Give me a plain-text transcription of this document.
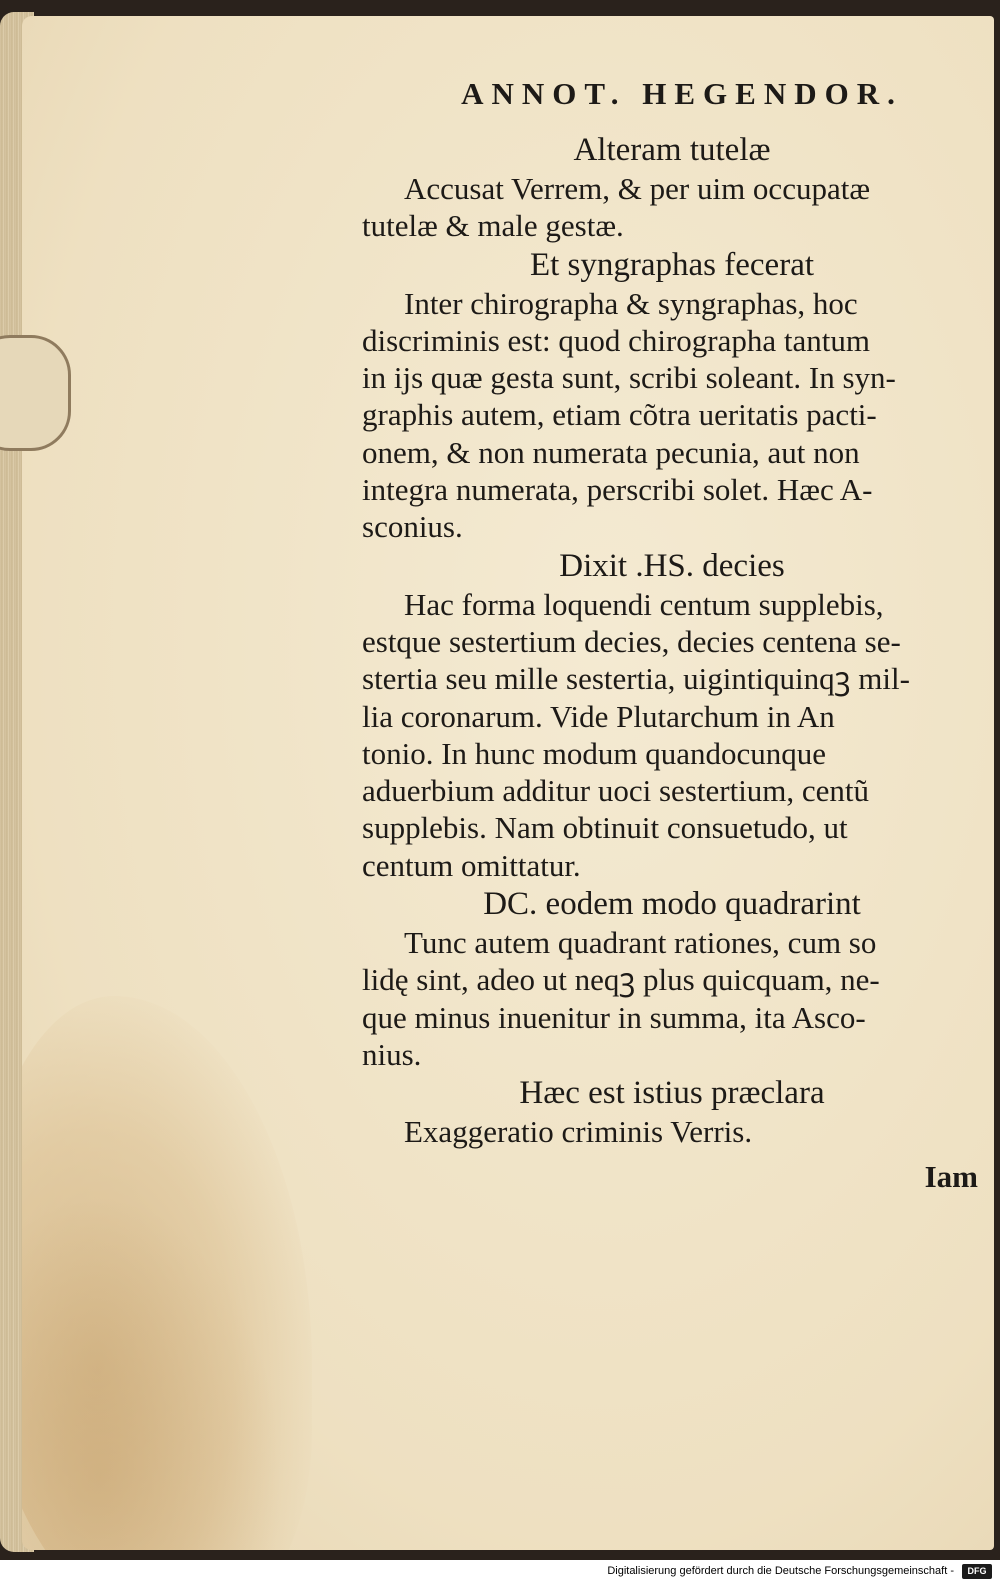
ANNOT. HEGENDOR.
Alteram tutelæ

Accusat Verrem, & per uim occupatæ
tutelæ & male gestæ.

Et syngraphas fecerat

Inter chirographa & syngraphas, hoc
discriminis est: quod chirographa tantum
in ijs quæ gesta sunt, scribi soleant. In syn-
graphis autem, etiam cõtra ueritatis pacti-
onem, & non numerata pecunia, aut non
integra numerata, perscribi solet. Hæc A-
sconius.

Dixit .HS. decies

Hac forma loquendi centum supplebis,
estque sestertium decies, decies centena se-
stertia seu mille sestertia, uigintiquinqꝫ mil-
lia coronarum. Vide Plutarchum in An
tonio. In hunc modum quandocunque
aduerbium additur uoci sestertium, centũ
supplebis. Nam obtinuit consuetudo, ut
centum omittatur.

DC. eodem modo quadrarint

Tunc autem quadrant rationes, cum so
lidę sint, adeo ut neqꝫ plus quicquam, ne-
que minus inuenitur in summa, ita Asco-
nius.

Hæc est istius præclara

Exaggeratio criminis Verris.

Iam
Digitalisierung gefördert durch die Deutsche Forschungsgemeinschaft -	DFG
